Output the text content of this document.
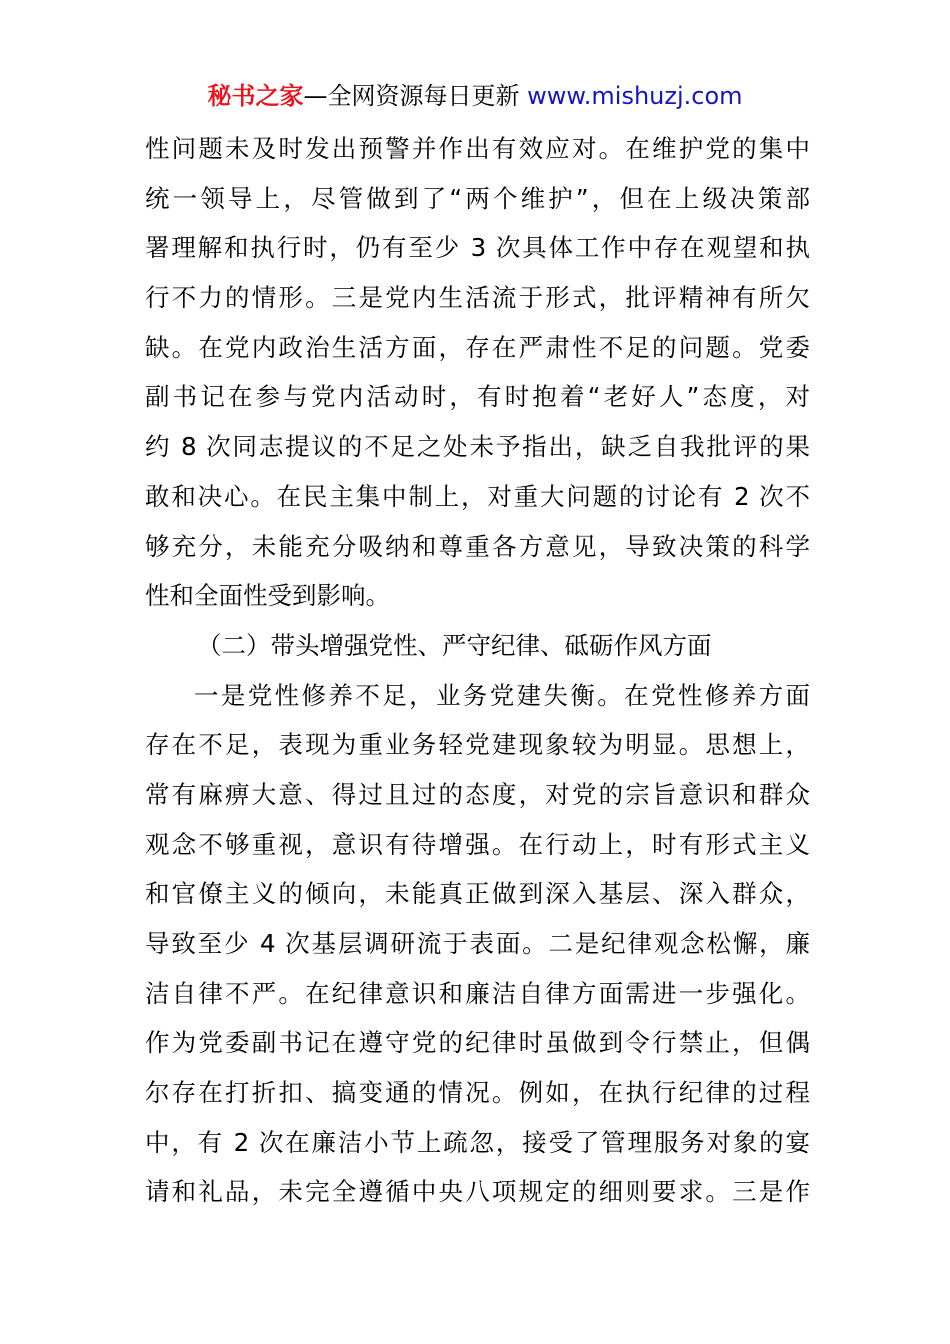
秘书之家—全网资源每日更新 www.mishuzj.com
性问题未及时发出预警并作出有效应对。在维护党的集中
统一领导上，尽管做到了“两个维护”，但在上级决策部
署理解和执行时，仍有至少 3 次具体工作中存在观望和执
行不力的情形。三是党内生活流于形式，批评精神有所欠
缺。在党内政治生活方面，存在严肃性不足的问题。党委
副书记在参与党内活动时，有时抱着“老好人”态度，对
约 8 次同志提议的不足之处未予指出，缺乏自我批评的果
敢和决心。在民主集中制上，对重大问题的讨论有 2 次不
够充分，未能充分吸纳和尊重各方意见，导致决策的科学
性和全面性受到影响。
（二）带头增强党性、严守纪律、砥砺作风方面
一是党性修养不足，业务党建失衡。在党性修养方面
存在不足，表现为重业务轻党建现象较为明显。思想上，
常有麻痹大意、得过且过的态度，对党的宗旨意识和群众
观念不够重视，意识有待增强。在行动上，时有形式主义
和官僚主义的倾向，未能真正做到深入基层、深入群众，
导致至少 4 次基层调研流于表面。二是纪律观念松懈，廉
洁自律不严。在纪律意识和廉洁自律方面需进一步强化。
作为党委副书记在遵守党的纪律时虽做到令行禁止，但偶
尔存在打折扣、搞变通的情况。例如，在执行纪律的过程
中，有 2 次在廉洁小节上疏忽，接受了管理服务对象的宴
请和礼品，未完全遵循中央八项规定的细则要求。三是作
